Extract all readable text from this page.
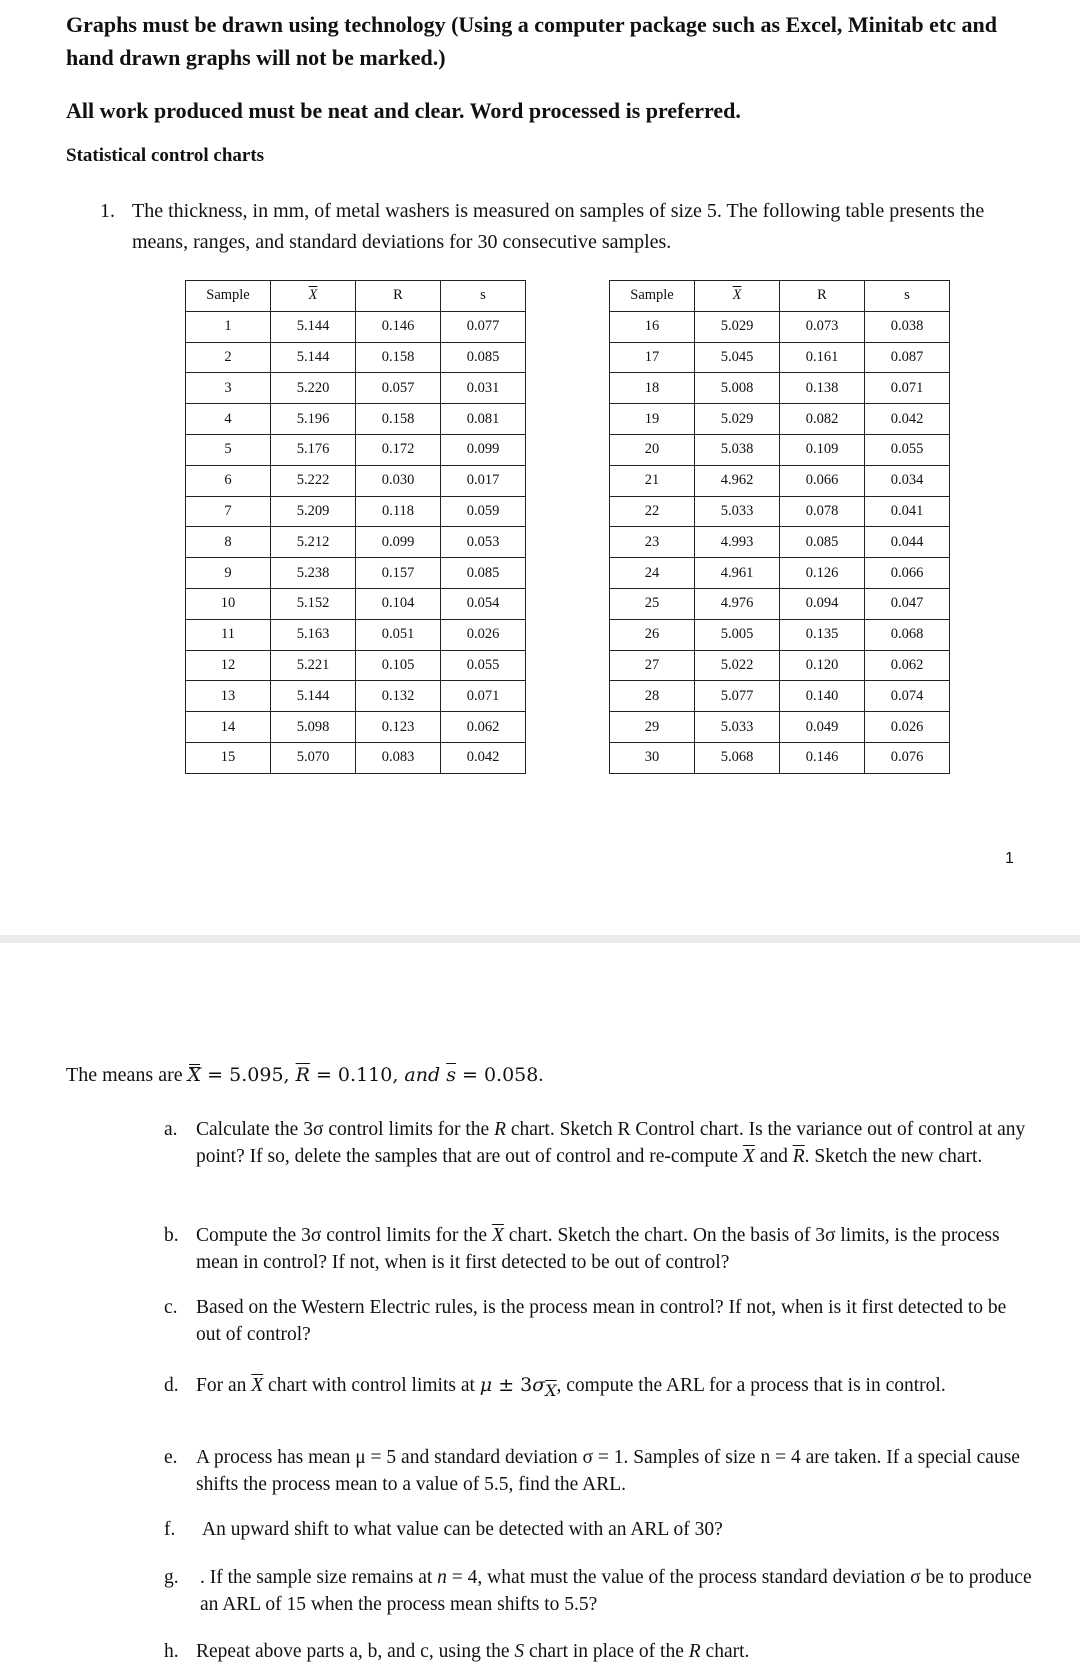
Graphs must be drawn using technology (Using a computer package such as Excel, Minitab etc and hand drawn graphs will not be marked.)

All work produced must be neat and clear. Word processed is preferred.

Statistical control charts

1. The thickness, in mm, of metal washers is measured on samples of size 5. The following table presents the means, ranges, and standard deviations for 30 consecutive samples.
Sample	$\overline{X}$	R	s
1	5.144	0.146	0.077
2	5.144	0.158	0.085
3	5.220	0.057	0.031
4	5.196	0.158	0.081
5	5.176	0.172	0.099
6	5.222	0.030	0.017
7	5.209	0.118	0.059
8	5.212	0.099	0.053
9	5.238	0.157	0.085
10	5.152	0.104	0.054
11	5.163	0.051	0.026
12	5.221	0.105	0.055
13	5.144	0.132	0.071
14	5.098	0.123	0.062
15	5.070	0.083	0.042
Sample	$\overline{X}$	R	s
16	5.029	0.073	0.038
17	5.045	0.161	0.087
18	5.008	0.138	0.071
19	5.029	0.082	0.042
20	5.038	0.109	0.055
21	4.962	0.066	0.034
22	5.033	0.078	0.041
23	4.993	0.085	0.044
24	4.961	0.126	0.066
25	4.976	0.094	0.047
26	5.005	0.135	0.068
27	5.022	0.120	0.062
28	5.077	0.140	0.074
29	5.033	0.049	0.026
30	5.068	0.146	0.076
1
The means are X = 5.095, $\overline{R} = 0.110$, and $\overline{s} = 0.058$.
a. Calculate the 3σ control limits for the R chart. Sketch R Control chart. Is the variance out of control at any point? If so, delete the samples that are out of control and re-compute $\overline{X}$ and $\overline{R}$. Sketch the new chart.
b. Compute the 3σ control limits for the $\overline{X}$ chart. Sketch the chart. On the basis of 3σ limits, is the process mean in control? If not, when is it first detected to be out of control?
c. Based on the Western Electric rules, is the process mean in control? If not, when is it first detected to be out of control?
d. For an $\overline{X}$ chart with control limits at $\mu \pm 3\sigma_{\overline{X}}$, compute the ARL for a process that is in control.
e. A process has mean μ = 5 and standard deviation σ = 1. Samples of size n = 4 are taken. If a special cause shifts the process mean to a value of 5.5, find the ARL.
f. An upward shift to what value can be detected with an ARL of 30?
g. . If the sample size remains at n = 4, what must the value of the process standard deviation σ be to produce an ARL of 15 when the process mean shifts to 5.5?
h. Repeat above parts a, b, and c, using the S chart in place of the R chart.
